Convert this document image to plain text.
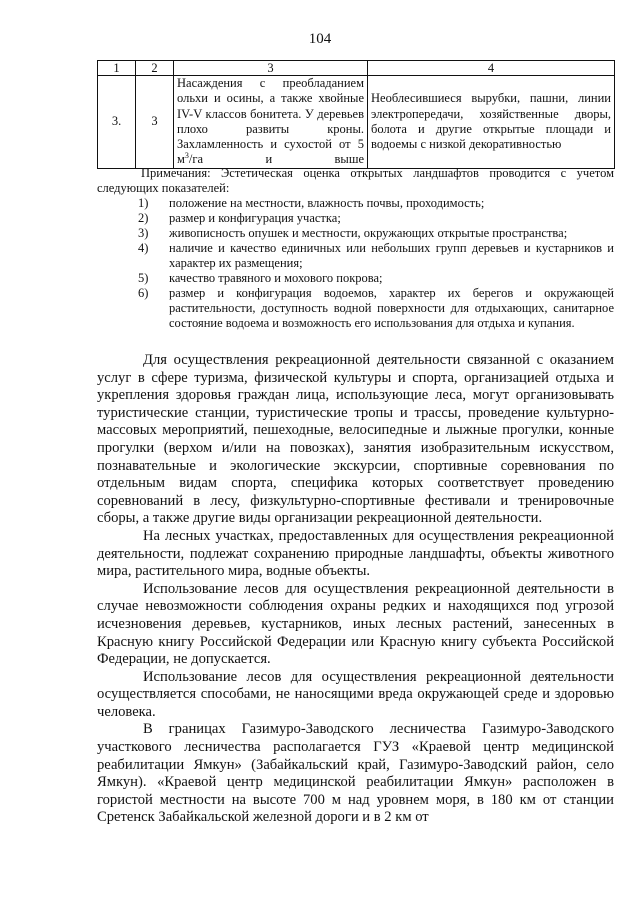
104
1	2	3	4
3.	3	Насаждения с преобладанием ольхи и осины, а также хвойные IV-V классов бонитета. У деревьев плохо развиты кроны. Захламленность и сухостой от 5 $м^3/га$ и выше	Необлесившиеся вырубки, пашни, линии электропередачи, хозяйственные дворы, болота и другие открытые площади и водоемы с низкой декоративностью

Примечания: Эстетическая оценка открытых ландшафтов проводится с учетом следующих показателей:

1) положение на местности, влажность почвы, проходимость;
2) размер и конфигурация участка;
3) живописность опушек и местности, окружающих открытые пространства;
4) наличие и качество единичных или небольших групп деревьев и кустарников и характер их размещения;
5) качество травяного и мохового покрова;
6) размер и конфигурация водоемов, характер их берегов и окружающей растительности, доступность водной поверхности для отдыхающих, санитарное состояние водоема и возможность его использования для отдыха и купания.

Для осуществления рекреационной деятельности связанной с оказанием услуг в сфере туризма, физической культуры и спорта, организацией отдыха и укрепления здоровья граждан лица, использующие леса, могут организовывать туристические станции, туристические тропы и трассы, проведение культурно-массовых мероприятий, пешеходные, велосипедные и лыжные прогулки, конные прогулки (верхом и/или на повозках), занятия изобразительным искусством, познавательные и экологические экскурсии, спортивные соревнования по отдельным видам спорта, специфика которых соответствует проведению соревнований в лесу, физкультурно-спортивные фестивали и тренировочные сборы, а также другие виды организации рекреационной деятельности.

На лесных участках, предоставленных для осуществления рекреационной деятельности, подлежат сохранению природные ландшафты, объекты животного мира, растительного мира, водные объекты.

Использование лесов для осуществления рекреационной деятельности в случае невозможности соблюдения охраны редких и находящихся под угрозой исчезновения деревьев, кустарников, иных лесных растений, занесенных в Красную книгу Российской Федерации или Красную книгу субъекта Российской Федерации, не допускается.

Использование лесов для осуществления рекреационной деятельности осуществляется способами, не наносящими вреда окружающей среде и здоровью человека.

В границах Газимуро-Заводского лесничества Газимуро-Заводского участкового лесничества располагается ГУЗ «Краевой центр медицинской реабилитации Ямкун» (Забайкальский край, Газимуро-Заводский район, село Ямкун). «Краевой центр медицинской реабилитации Ямкун» расположен в гористой местности на высоте 700 м над уровнем моря, в 180 км от станции Сретенск Забайкальской железной дороги и в 2 км от
